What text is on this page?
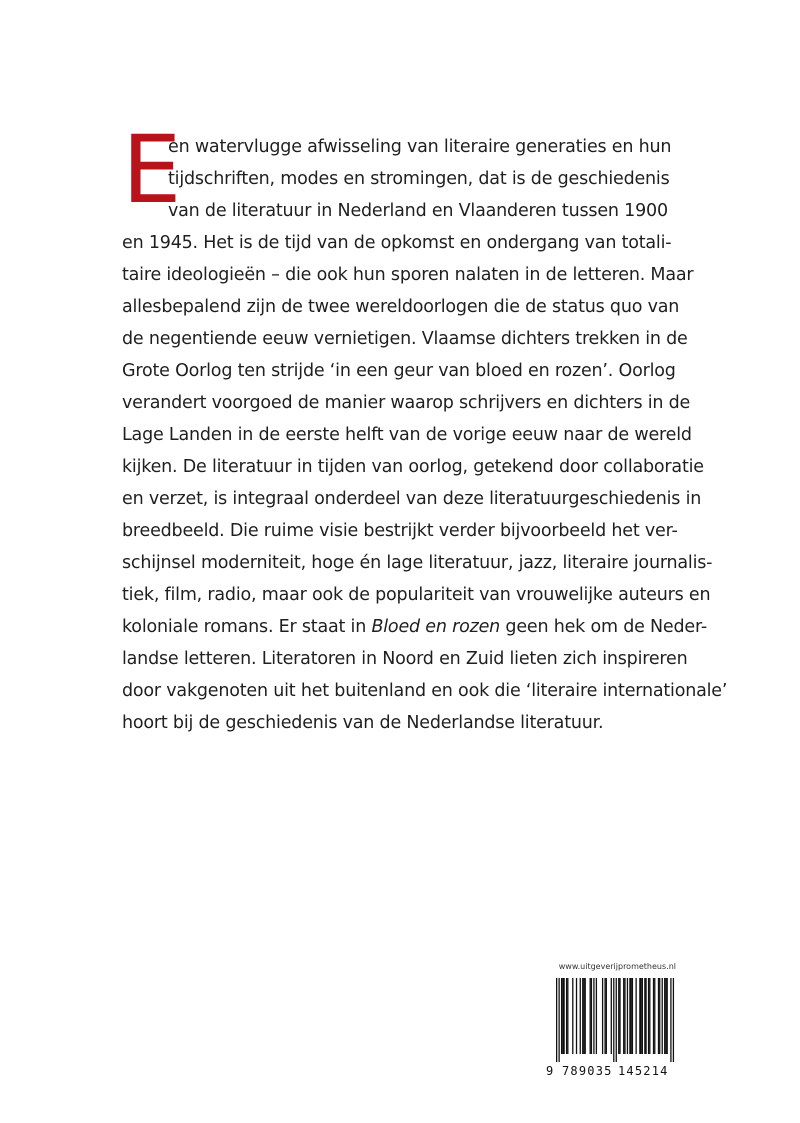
E
en watervlugge afwisseling van literaire generaties en hun
tijdschriften, modes en stromingen, dat is de geschiedenis
van de literatuur in Nederland en Vlaanderen tussen 1900
en 1945. Het is de tijd van de opkomst en ondergang van totali-
taire ideologieën – die ook hun sporen nalaten in de letteren. Maar
allesbepalend zijn de twee wereldoorlogen die de status quo van
de negentiende eeuw vernietigen. Vlaamse dichters trekken in de
Grote Oorlog ten strijde ‘in een geur van bloed en rozen’. Oorlog
verandert voorgoed de manier waarop schrijvers en dichters in de
Lage Landen in de eerste helft van de vorige eeuw naar de wereld
kijken. De literatuur in tijden van oorlog, getekend door collaboratie
en verzet, is integraal onderdeel van deze literatuurgeschiedenis in
breedbeeld. Die ruime visie bestrijkt verder bijvoorbeeld het ver-
schijnsel moderniteit, hoge én lage literatuur, jazz, literaire journalis-
tiek, film, radio, maar ook de populariteit van vrouwelijke auteurs en
koloniale romans. Er staat in Bloed en rozen geen hek om de Neder-
landse letteren. Literatoren in Noord en Zuid lieten zich inspireren
door vakgenoten uit het buitenland en ook die ‘literaire internationale’
hoort bij de geschiedenis van de Nederlandse literatuur.
www.uitgeverijprometheus.nl
9 789035 145214
